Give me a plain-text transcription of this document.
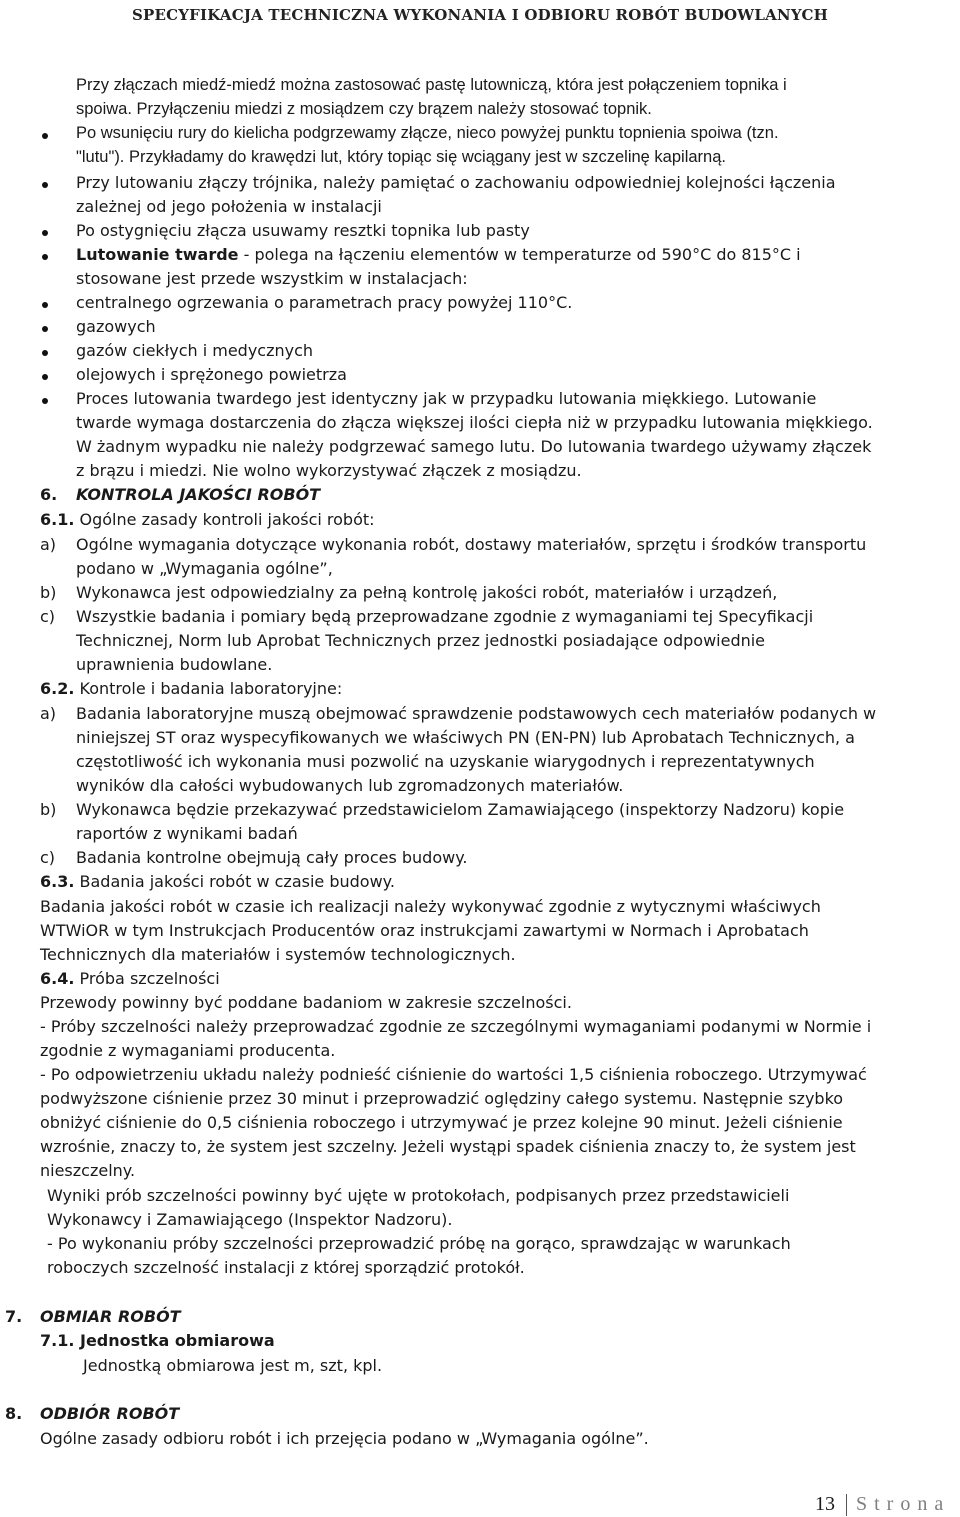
SPECYFIKACJA TECHNICZNA WYKONANIA I ODBIORU ROBÓT BUDOWLANYCH
Przy złączach miedź-miedź można zastosować pastę lutowniczą, która jest połączeniem topnika i
spoiwa. Przyłączeniu miedzi z mosiądzem czy brązem należy stosować topnik.
Po wsunięciu rury do kielicha podgrzewamy złącze, nieco powyżej punktu topnienia spoiwa (tzn.
"lutu"). Przykładamy do krawędzi lut, który topiąc się wciągany jest w szczelinę kapilarną.
Przy lutowaniu złączy trójnika, należy pamiętać o zachowaniu odpowiedniej kolejności łączenia
zależnej od jego położenia w instalacji
Po ostygnięciu złącza usuwamy resztki topnika lub pasty
Lutowanie twarde - polega na łączeniu elementów w temperaturze od 590°C do 815°C i
stosowane jest przede wszystkim w instalacjach:
centralnego ogrzewania o parametrach pracy powyżej 110°C.
gazowych
gazów ciekłych i medycznych
olejowych i sprężonego powietrza
Proces lutowania twardego jest identyczny jak w przypadku lutowania miękkiego. Lutowanie
twarde wymaga dostarczenia do złącza większej ilości ciepła niż w przypadku lutowania miękkiego.
W żadnym wypadku nie należy podgrzewać samego lutu. Do lutowania twardego używamy złączek
z brązu i miedzi. Nie wolno wykorzystywać złączek z mosiądzu.
6. KONTROLA JAKOŚCI ROBÓT
6.1. Ogólne zasady kontroli jakości robót:
a) Ogólne wymagania dotyczące wykonania robót, dostawy materiałów, sprzętu i środków transportu
podano w „Wymagania ogólne”,
b) Wykonawca jest odpowiedzialny za pełną kontrolę jakości robót, materiałów i urządzeń,
c) Wszystkie badania i pomiary będą przeprowadzane zgodnie z wymaganiami tej Specyfikacji
Technicznej, Norm lub Aprobat Technicznych przez jednostki posiadające odpowiednie
uprawnienia budowlane.
6.2. Kontrole i badania laboratoryjne:
a) Badania laboratoryjne muszą obejmować sprawdzenie podstawowych cech materiałów podanych w
niniejszej ST oraz wyspecyfikowanych we właściwych PN (EN-PN) lub Aprobatach Technicznych, a
częstotliwość ich wykonania musi pozwolić na uzyskanie wiarygodnych i reprezentatywnych
wyników dla całości wybudowanych lub zgromadzonych materiałów.
b) Wykonawca będzie przekazywać przedstawicielom Zamawiającego (inspektorzy Nadzoru) kopie
raportów z wynikami badań
c) Badania kontrolne obejmują cały proces budowy.
6.3. Badania jakości robót w czasie budowy.
Badania jakości robót w czasie ich realizacji należy wykonywać zgodnie z wytycznymi właściwych
WTWiOR w tym Instrukcjach Producentów oraz instrukcjami zawartymi w Normach i Aprobatach
Technicznych dla materiałów i systemów technologicznych.
6.4. Próba szczelności
Przewody powinny być poddane badaniom w zakresie szczelności.
- Próby szczelności należy przeprowadzać zgodnie ze szczególnymi wymaganiami podanymi w Normie i
zgodnie z wymaganiami producenta.
- Po odpowietrzeniu układu należy podnieść ciśnienie do wartości 1,5 ciśnienia roboczego. Utrzymywać
podwyższone ciśnienie przez 30 minut i przeprowadzić oględziny całego systemu. Następnie szybko
obniżyć ciśnienie do 0,5 ciśnienia roboczego i utrzymywać je przez kolejne 90 minut. Jeżeli ciśnienie
wzrośnie, znaczy to, że system jest szczelny. Jeżeli wystąpi spadek ciśnienia znaczy to, że system jest
nieszczelny.
Wyniki prób szczelności powinny być ujęte w protokołach, podpisanych przez przedstawicieli
Wykonawcy i Zamawiającego (Inspektor Nadzoru).
- Po wykonaniu próby szczelności przeprowadzić próbę na gorąco, sprawdzając w warunkach
roboczych szczelność instalacji z której sporządzić protokół.
7. OBMIAR ROBÓT
7.1. Jednostka obmiarowa
Jednostką obmiarowa jest m, szt, kpl.
8. ODBIÓR ROBÓT
Ogólne zasady odbioru robót i ich przejęcia podano w „Wymagania ogólne”.
13 Strona
